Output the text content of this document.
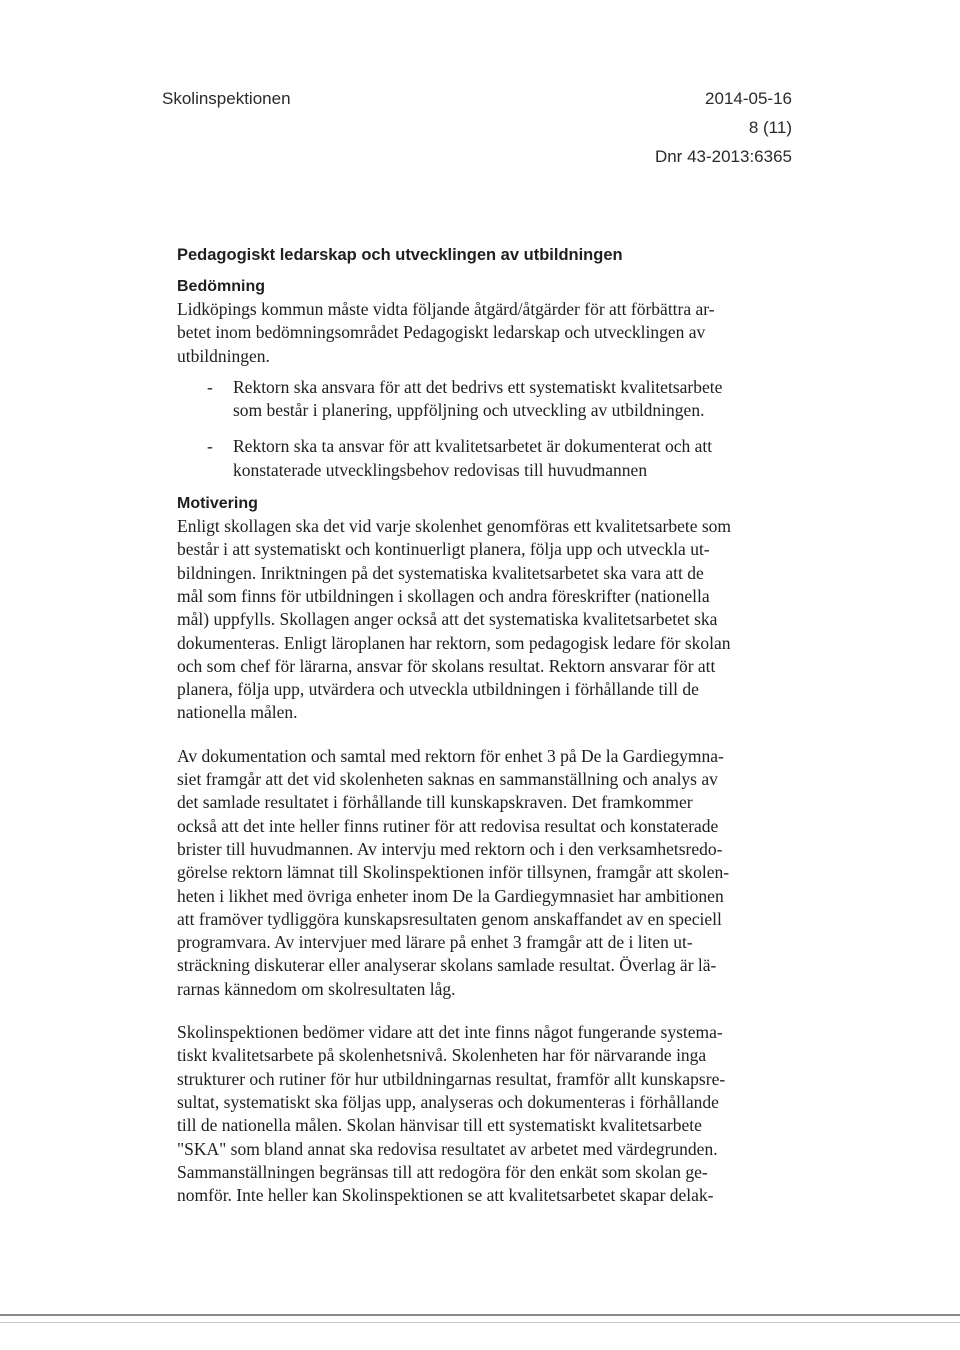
Skolinspektionen	2014-05-16
8 (11)
Dnr 43-2013:6365
Pedagogiskt ledarskap och utvecklingen av utbildningen
Bedömning

Lidköpings kommun måste vidta följande åtgärd/åtgärder för att förbättra ar-
betet inom bedömningsområdet Pedagogiskt ledarskap och utvecklingen av
utbildningen.

- Rektorn ska ansvara för att det bedrivs ett systematiskt kvalitetsarbete
som består i planering, uppföljning och utveckling av utbildningen.

- Rektorn ska ta ansvar för att kvalitetsarbetet är dokumenterat och att
konstaterade utvecklingsbehov redovisas till huvudmannen

Motivering

Enligt skollagen ska det vid varje skolenhet genomföras ett kvalitetsarbete som
består i att systematiskt och kontinuerligt planera, följa upp och utveckla ut-
bildningen. Inriktningen på det systematiska kvalitetsarbetet ska vara att de
mål som finns för utbildningen i skollagen och andra föreskrifter (nationella
mål) uppfylls. Skollagen anger också att det systematiska kvalitetsarbetet ska
dokumenteras. Enligt läroplanen har rektorn, som pedagogisk ledare för skolan
och som chef för lärarna, ansvar för skolans resultat. Rektorn ansvarar för att
planera, följa upp, utvärdera och utveckla utbildningen i förhållande till de
nationella målen.

Av dokumentation och samtal med rektorn för enhet 3 på De la Gardiegymna-
siet framgår att det vid skolenheten saknas en sammanställning och analys av
det samlade resultatet i förhållande till kunskapskraven. Det framkommer
också att det inte heller finns rutiner för att redovisa resultat och konstaterade
brister till huvudmannen. Av intervju med rektorn och i den verksamhetsredo-
görelse rektorn lämnat till Skolinspektionen inför tillsynen, framgår att skolen-
heten i likhet med övriga enheter inom De la Gardiegymnasiet har ambitionen
att framöver tydliggöra kunskapsresultaten genom anskaffandet av en speciell
programvara. Av intervjuer med lärare på enhet 3 framgår att de i liten ut-
sträckning diskuterar eller analyserar skolans samlade resultat. Överlag är lä-
rarnas kännedom om skolresultaten låg.

Skolinspektionen bedömer vidare att det inte finns något fungerande systema-
tiskt kvalitetsarbete på skolenhetsnivå. Skolenheten har för närvarande inga
strukturer och rutiner för hur utbildningarnas resultat, framför allt kunskapsre-
sultat, systematiskt ska följas upp, analyseras och dokumenteras i förhållande
till de nationella målen. Skolan hänvisar till ett systematiskt kvalitetsarbete
"SKA" som bland annat ska redovisa resultatet av arbetet med värdegrunden.
Sammanställningen begränsas till att redogöra för den enkät som skolan ge-
nomför. Inte heller kan Skolinspektionen se att kvalitetsarbetet skapar delak-
